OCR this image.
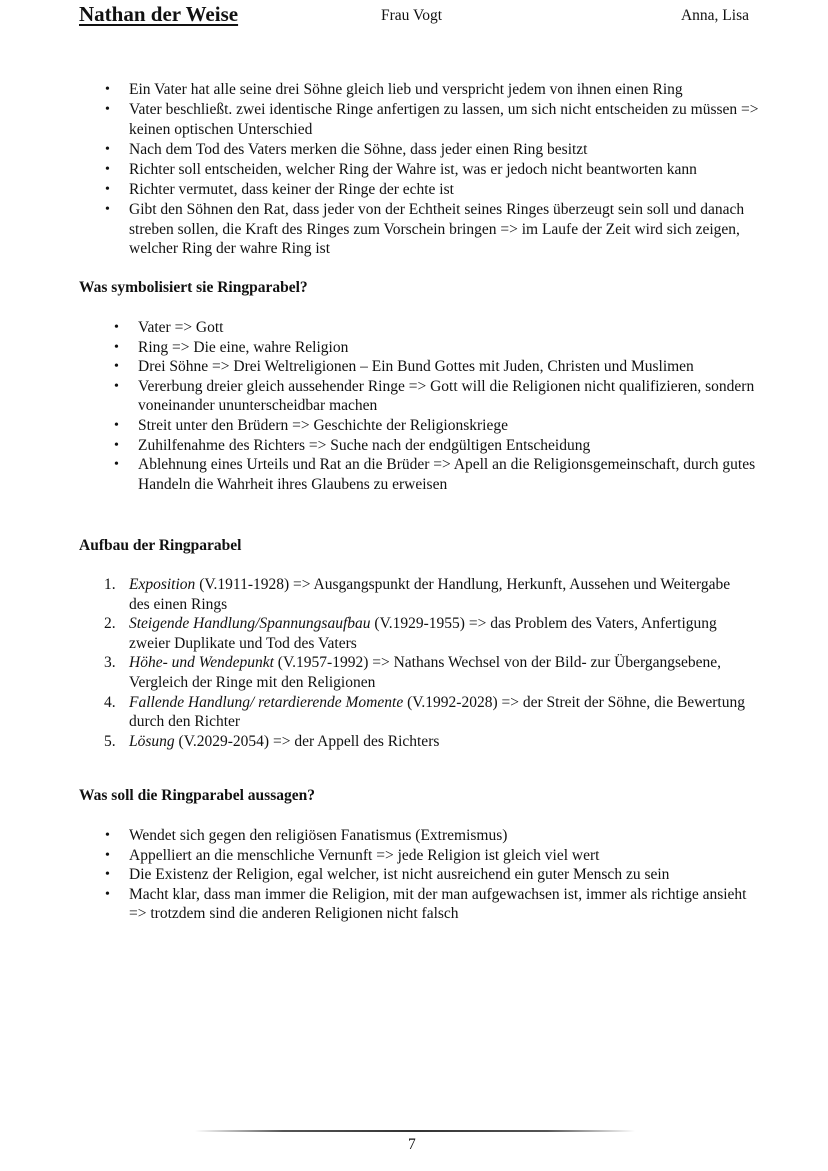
Nathan der Weise	Frau Vogt	Anna, Lisa
• Ein Vater hat alle seine drei Söhne gleich lieb und verspricht jedem von ihnen einen Ring
• Vater beschließt. zwei identische Ringe anfertigen zu lassen, um sich nicht entscheiden zu müssen => keinen optischen Unterschied
• Nach dem Tod des Vaters merken die Söhne, dass jeder einen Ring besitzt
• Richter soll entscheiden, welcher Ring der Wahre ist, was er jedoch nicht beantworten kann
• Richter vermutet, dass keiner der Ringe der echte ist
• Gibt den Söhnen den Rat, dass jeder von der Echtheit seines Ringes überzeugt sein soll und danach streben sollen, die Kraft des Ringes zum Vorschein bringen => im Laufe der Zeit wird sich zeigen, welcher Ring der wahre Ring ist
Was symbolisiert sie Ringparabel?
• Vater => Gott
• Ring => Die eine, wahre Religion
• Drei Söhne => Drei Weltreligionen – Ein Bund Gottes mit Juden, Christen und Muslimen
• Vererbung dreier gleich aussehender Ringe => Gott will die Religionen nicht qualifizieren, sondern voneinander ununterscheidbar machen
• Streit unter den Brüdern => Geschichte der Religionskriege
• Zuhilfenahme des Richters => Suche nach der endgültigen Entscheidung
• Ablehnung eines Urteils und Rat an die Brüder => Apell an die Religionsgemeinschaft, durch gutes Handeln die Wahrheit ihres Glaubens zu erweisen
Aufbau der Ringparabel
1. Exposition (V.1911-1928) => Ausgangspunkt der Handlung, Herkunft, Aussehen und Weitergabe des einen Rings
2. Steigende Handlung/Spannungsaufbau (V.1929-1955) => das Problem des Vaters, Anfertigung zweier Duplikate und Tod des Vaters
3. Höhe- und Wendepunkt (V.1957-1992) => Nathans Wechsel von der Bild- zur Übergangsebene, Vergleich der Ringe mit den Religionen
4. Fallende Handlung/ retardierende Momente (V.1992-2028) => der Streit der Söhne, die Bewertung durch den Richter
5. Lösung (V.2029-2054) => der Appell des Richters
Was soll die Ringparabel aussagen?
• Wendet sich gegen den religiösen Fanatismus (Extremismus)
• Appelliert an die menschliche Vernunft => jede Religion ist gleich viel wert
• Die Existenz der Religion, egal welcher, ist nicht ausreichend ein guter Mensch zu sein
• Macht klar, dass man immer die Religion, mit der man aufgewachsen ist, immer als richtige ansieht => trotzdem sind die anderen Religionen nicht falsch
7
